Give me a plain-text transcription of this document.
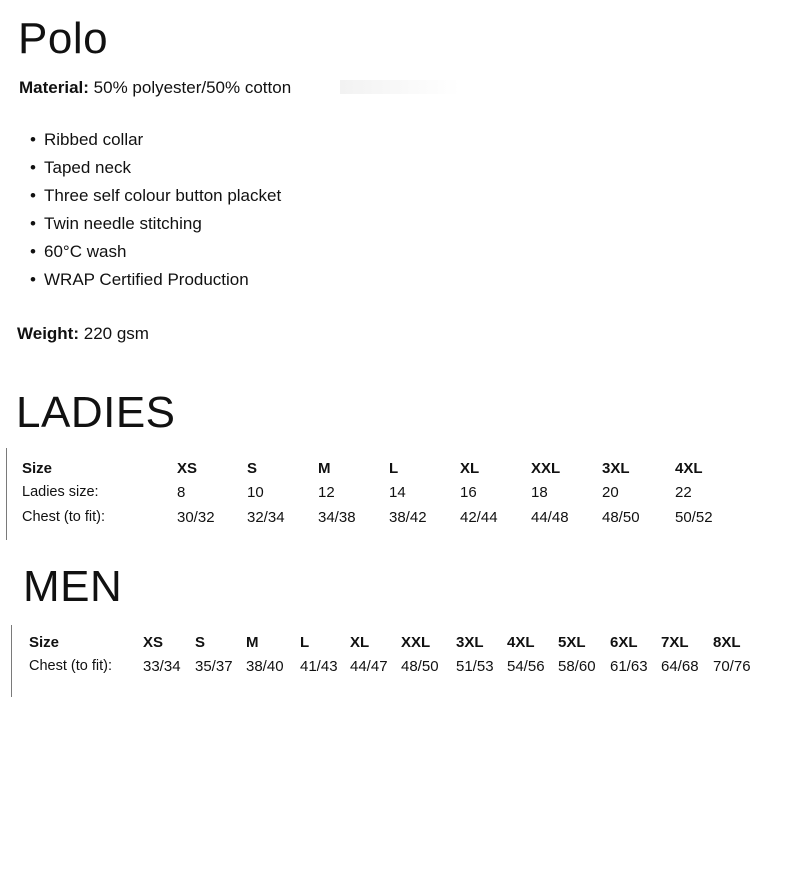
Polo
Material: 50% polyester/50% cotton
• Ribbed collar
• Taped neck
• Three self colour button placket
• Twin needle stitching
• 60°C wash
• WRAP Certified Production
Weight: 220 gsm
LADIES
Size	XS	S	M	L	XL	XXL	3XL	4XL
Ladies size:	8	10	12	14	16	18	20	22
Chest (to fit):	30/32 32/34 34/38 38/42 42/44 44/48 48/50 50/52
MEN
Size	XS S	M	L	XL XXL 3XL 4XL 5XL 6XL 7XL 8XL
Chest (to fit): 33/34 35/37 38/40 41/43 44/47 48/50 51/53 54/56 58/60 61/63 64/68 70/76
